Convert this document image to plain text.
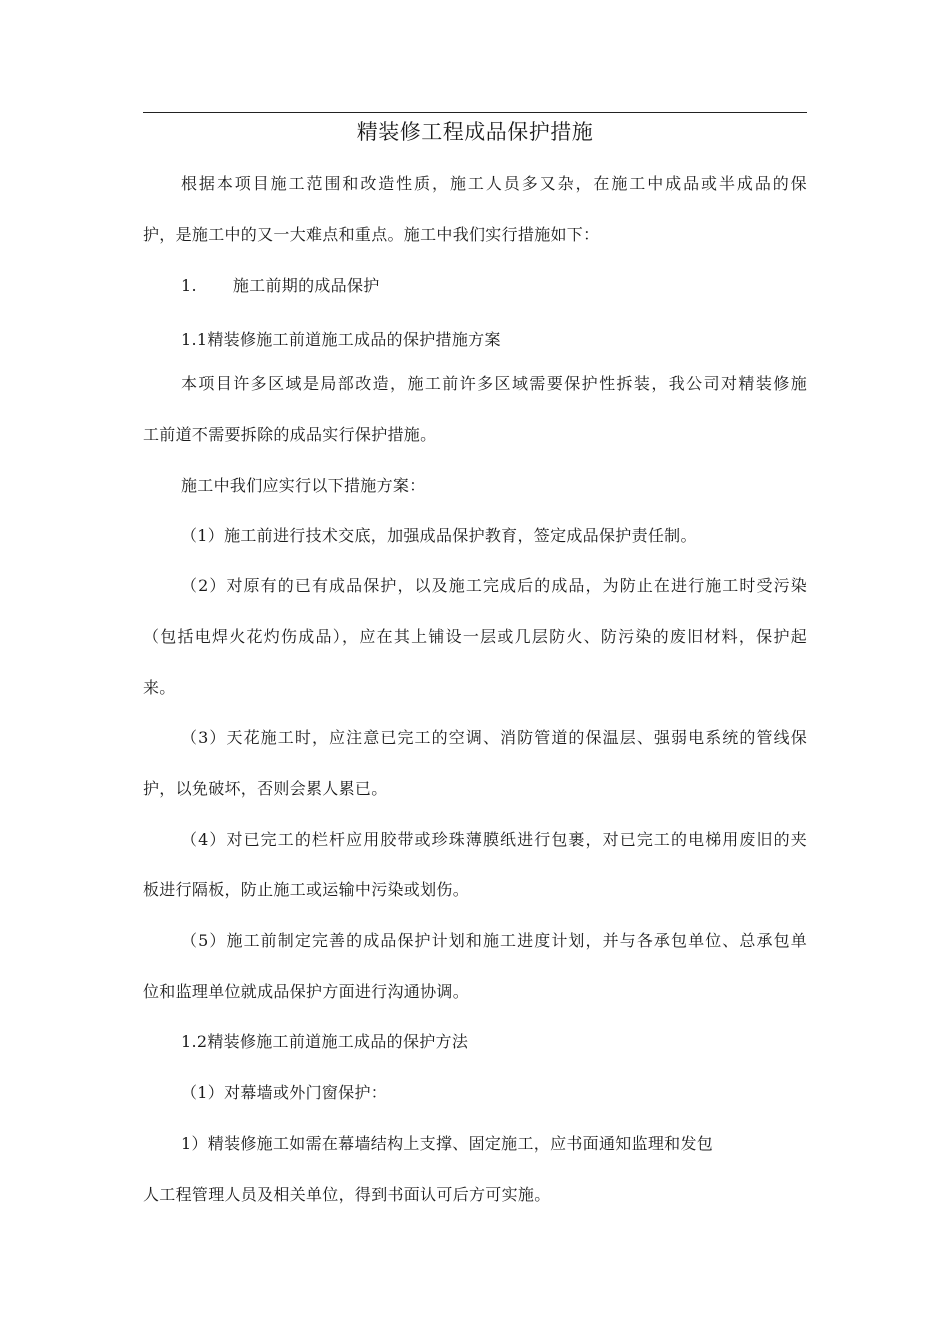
精装修工程成品保护措施
根据本项目施工范围和改造性质，施工人员多又杂，在施工中成品或半成品的保
护，是施工中的又一大难点和重点。施工中我们实行措施如下：
1. 施工前期的成品保护
1.1精装修施工前道施工成品的保护措施方案
本项目许多区域是局部改造，施工前许多区域需要保护性拆装，我公司对精装修施
工前道不需要拆除的成品实行保护措施。
施工中我们应实行以下措施方案：
（1）施工前进行技术交底，加强成品保护教育，签定成品保护责任制。
（2）对原有的已有成品保护，以及施工完成后的成品，为防止在进行施工时受污染
（包括电焊火花灼伤成品），应在其上铺设一层或几层防火、防污染的废旧材料，保护起
来。
（3）天花施工时，应注意已完工的空调、消防管道的保温层、强弱电系统的管线保
护，以免破坏，否则会累人累已。
（4）对已完工的栏杆应用胶带或珍珠薄膜纸进行包裹，对已完工的电梯用废旧的夹
板进行隔板，防止施工或运输中污染或划伤。
（5）施工前制定完善的成品保护计划和施工进度计划，并与各承包单位、总承包单
位和监理单位就成品保护方面进行沟通协调。
1.2精装修施工前道施工成品的保护方法
（1）对幕墙或外门窗保护：
1）精装修施工如需在幕墙结构上支撑、固定施工，应书面通知监理和发包
人工程管理人员及相关单位，得到书面认可后方可实施。
